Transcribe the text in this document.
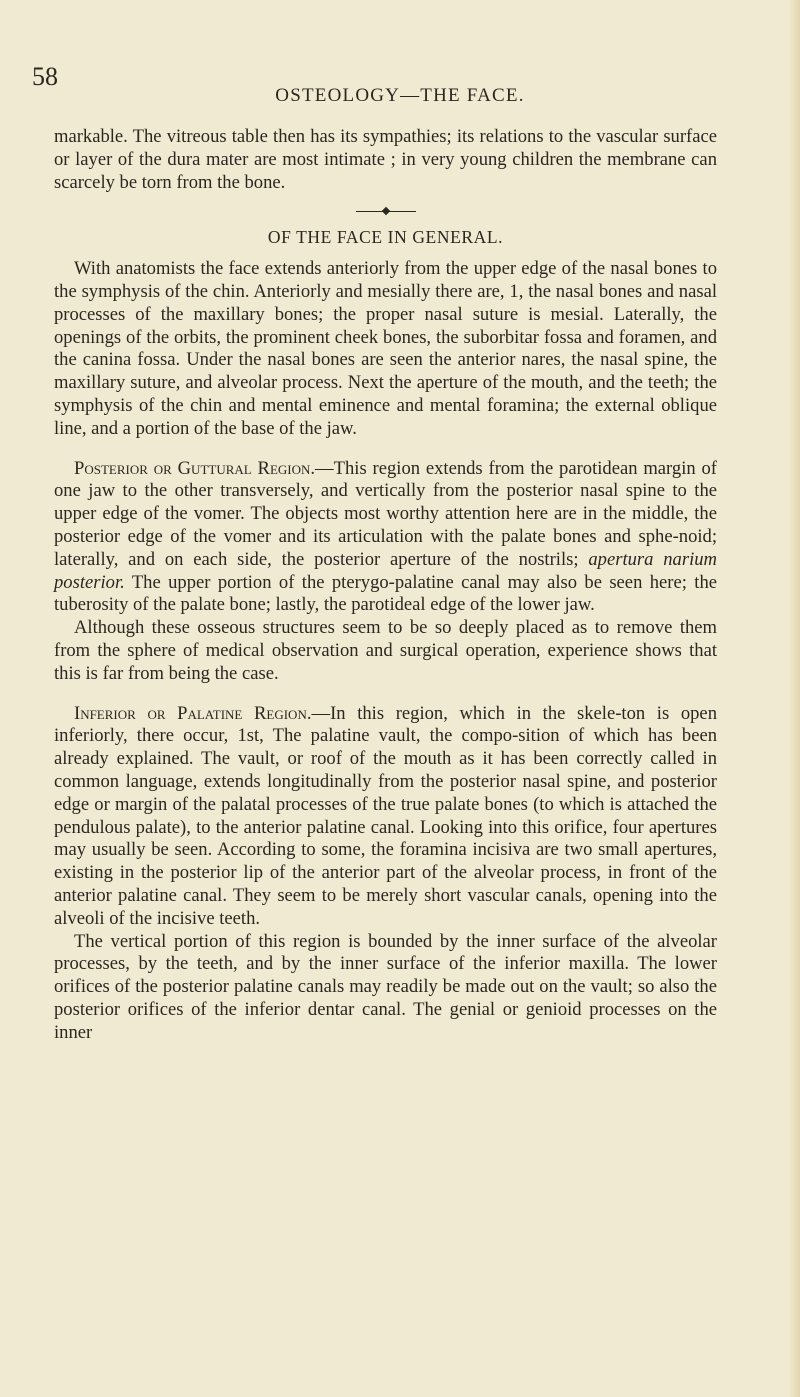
58
OSTEOLOGY—THE FACE.

markable. The vitreous table then has its sympathies; its relations to the vascular surface or layer of the dura mater are most intimate ; in very young children the membrane can scarcely be torn from the bone.

OF THE FACE IN GENERAL.

With anatomists the face extends anteriorly from the upper edge of the nasal bones to the symphysis of the chin. Anteriorly and mesially there are, 1, the nasal bones and nasal processes of the maxillary bones; the proper nasal suture is mesial. Laterally, the openings of the orbits, the prominent cheek bones, the suborbitar fossa and foramen, and the canina fossa. Under the nasal bones are seen the anterior nares, the nasal spine, the maxillary suture, and alveolar process. Next the aperture of the mouth, and the teeth; the symphysis of the chin and mental eminence and mental foramina; the external oblique line, and a portion of the base of the jaw.

Posterior or Guttural Region.—This region extends from the parotidean margin of one jaw to the other transversely, and vertically from the posterior nasal spine to the upper edge of the vomer. The objects most worthy attention here are in the middle, the posterior edge of the vomer and its articulation with the palate bones and sphe-noid; laterally, and on each side, the posterior aperture of the nostrils; apertura narium posterior. The upper portion of the pterygo-palatine canal may also be seen here; the tuberosity of the palate bone; lastly, the parotideal edge of the lower jaw.

Although these osseous structures seem to be so deeply placed as to remove them from the sphere of medical observation and surgical operation, experience shows that this is far from being the case.

Inferior or Palatine Region.—In this region, which in the skele-ton is open inferiorly, there occur, 1st, The palatine vault, the compo-sition of which has been already explained. The vault, or roof of the mouth as it has been correctly called in common language, extends longitudinally from the posterior nasal spine, and posterior edge or margin of the palatal processes of the true palate bones (to which is attached the pendulous palate), to the anterior palatine canal. Looking into this orifice, four apertures may usually be seen. According to some, the foramina incisiva are two small apertures, existing in the posterior lip of the anterior part of the alveolar process, in front of the anterior palatine canal. They seem to be merely short vascular canals, opening into the alveoli of the incisive teeth.

The vertical portion of this region is bounded by the inner surface of the alveolar processes, by the teeth, and by the inner surface of the inferior maxilla. The lower orifices of the posterior palatine canals may readily be made out on the vault; so also the posterior orifices of the inferior dentar canal. The genial or genioid processes on the inner
